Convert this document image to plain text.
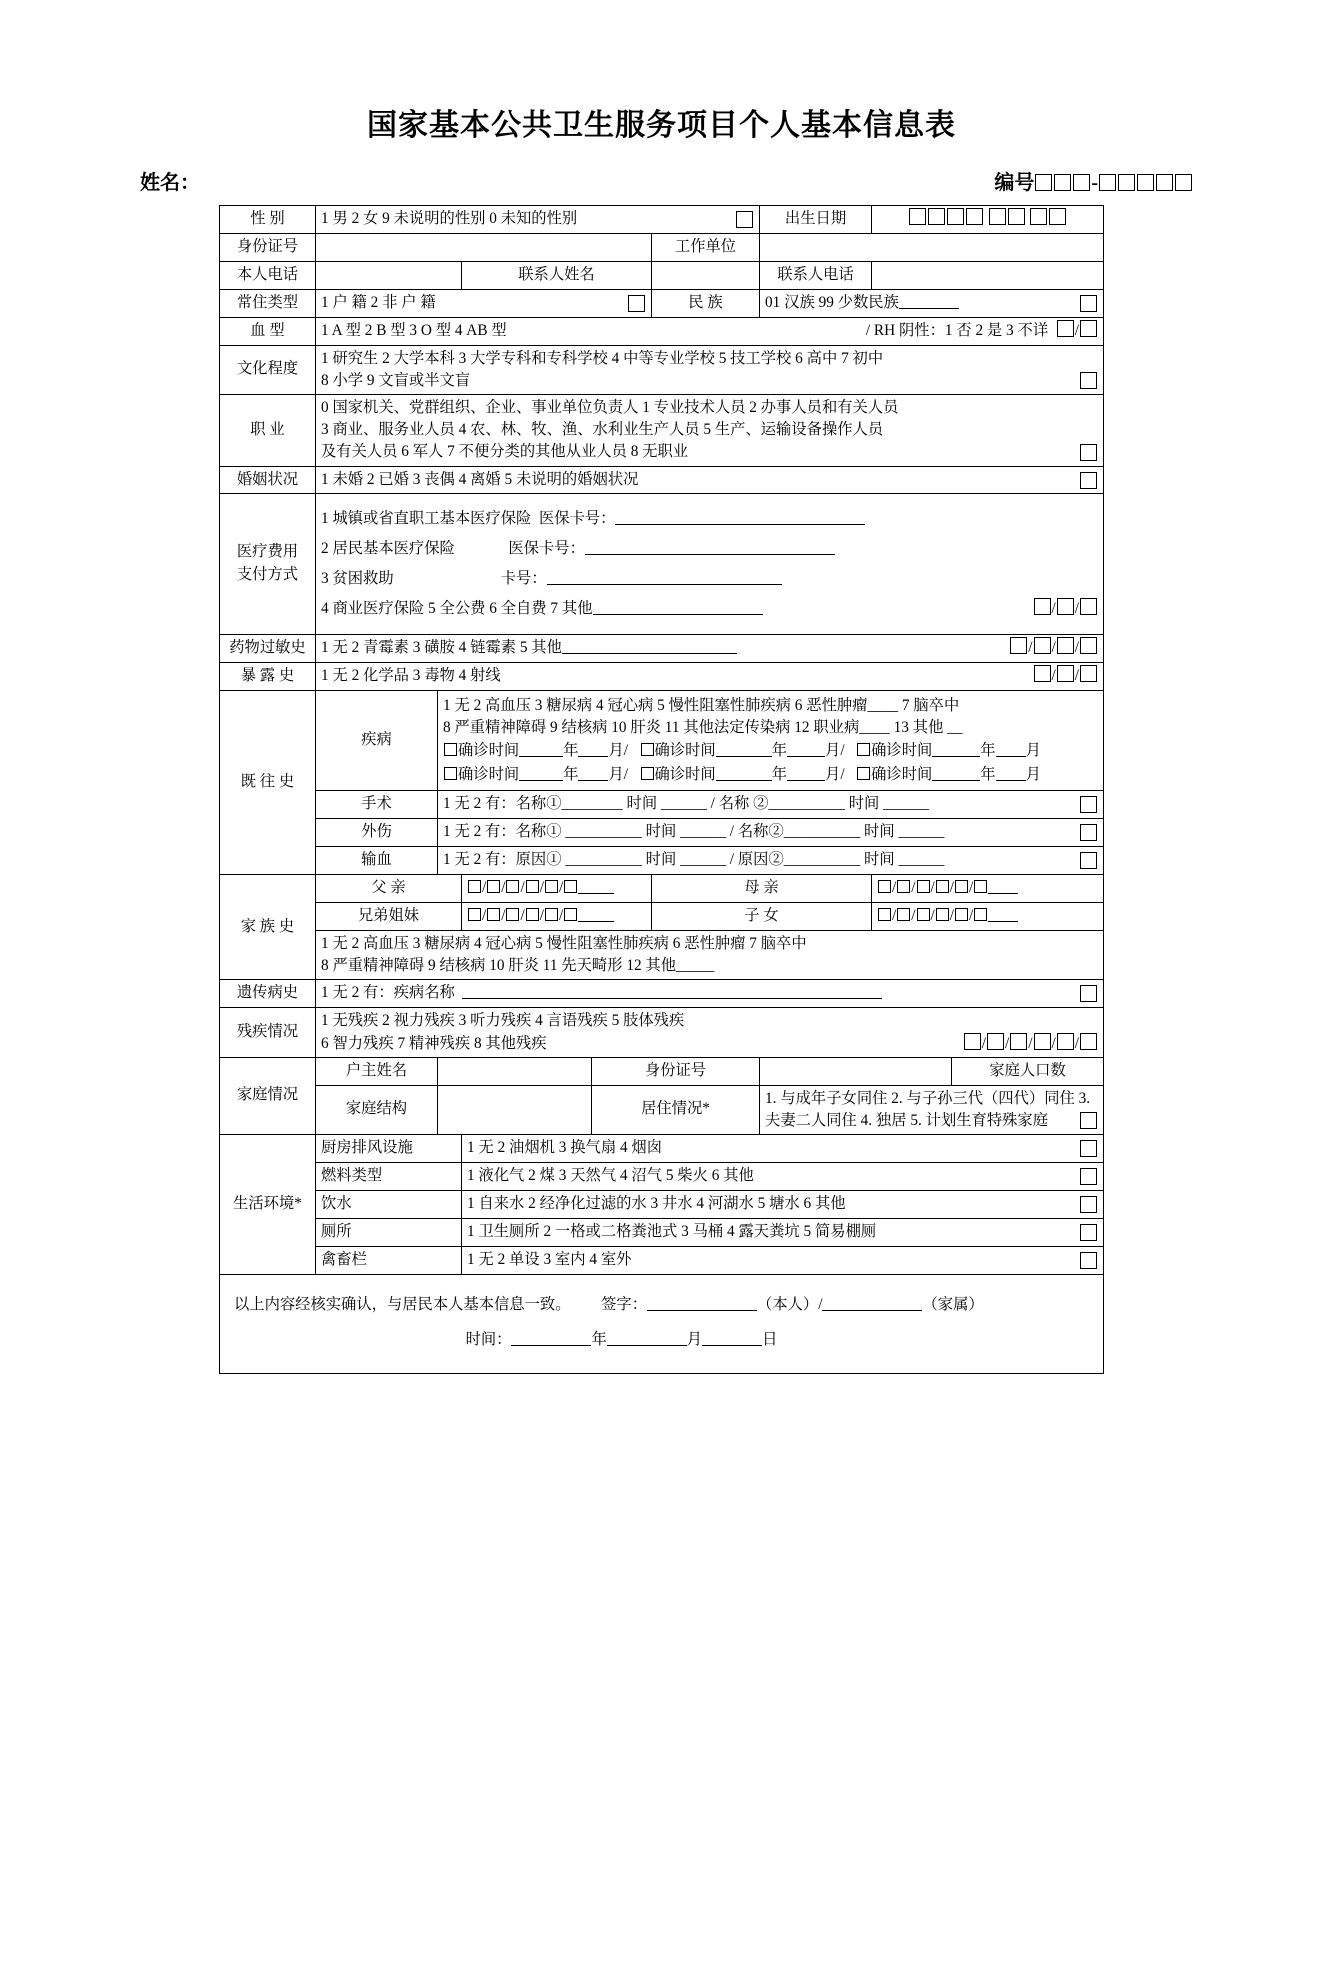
国家基本公共卫生服务项目个人基本信息表
姓名：	编号	-
性 别	1 男 2 女 9 未说明的性别 0 未知的性别					出生日期		
身份证号					工作单位			
本人电话			联系人姓名			联系人电话		
常住类型	1 户 籍 2 非 户 籍				民 族	01 汉族 99 少数民族		

血 型	1 A 型 2 B 型 3 O 型 4 AB 型 / RH 阴性：1 否 2 是 3 不详 /							

文化程度	1 研究生 2 大学本科 3 大学专科和专科学校 4 中等专业学校 5 技工学校 6 高中 7 初中
8 小学 9 文盲或半文盲							

职 业	0 国家机关、党群组织、企业、事业单位负责人 1 专业技术人员 2 办事人员和有关人员
3 商业、服务业人员 4 农、林、牧、渔、水利业生产人员 5 生产、运输设备操作人员
及有关人员 6 军人 7 不便分类的其他从业人员 8 无职业							

婚姻状况	1 未婚 2 已婚 3 丧偶 4 离婚 5 未说明的婚姻状况							

医疗费用
支付方式

1 城镇或省直职工基本医疗保险 医保卡号：
2 居民基本医疗保险	医保卡号：
3 贫困救助	卡号：
4 商业医疗保险 5 全公费 6 全自费 7 其他	/ /

药物过敏史	1 无 2 青霉素 3 磺胺 4 链霉素 5 其他 / / /							

暴 露 史	1 无 2 化学品 3 毒物 4 射线 / /							

既 往 史	疾病	1 无 2 高血压 3 糖尿病 4 冠心病 5 慢性阻塞性肺疾病 6 恶性肿瘤____ 7 脑卒中
8 严重精神障碍 9 结核病 10 肝炎 11 其他法定传染病 12 职业病____ 13 其他 __
确诊时间 年 月/   确诊时间 年 月/   确诊时间 年 月
确诊时间 年 月/   确诊时间 年 月/   确诊时间 年 月						

	手术	1 无 2 有：名称①________ 时间 ______ / 名称 ②__________ 时间 ______						

	外伤	1 无 2 有：名称① __________ 时间 ______ / 名称②__________ 时间 ______						

	输血	1 无 2 有：原因① __________ 时间 ______ / 原因②__________ 时间 ______						

家 族 史	父 亲		/ / / / /		母 亲		/ / / / /	
	兄弟姐妹		/ / / / /		子 女		/ / / / /	

	1 无 2 高血压 3 糖尿病 4 冠心病 5 慢性阻塞性肺疾病 6 恶性肿瘤 7 脑卒中
8 严重精神障碍 9 结核病 10 肝炎 11 先天畸形 12 其他_____							

遗传病史	1 无 2 有：疾病名称							

残疾情况	1 无残疾 2 视力残疾 3 听力残疾 4 言语残疾 5 肢体残疾
6 智力残疾 7 精神残疾 8 其他残疾 / / / / /							

家庭情况	户主姓名			身份证号				家庭人口数
	家庭结构			居住情况*		1. 与成年子女同住 2. 与子孙三代（四代）同住 3.
夫妻二人同住 4. 独居 5. 计划生育特殊家庭		

生活环境*	厨房排风设施		1 无 2 油烟机 3 换气扇 4 烟囱					

	燃料类型		1 液化气 2 煤 3 天然气 4 沼气 5 柴火 6 其他					

	饮水		1 自来水 2 经净化过滤的水 3 井水 4 河湖水 5 塘水 6 其他					

	厕所		1 卫生厕所 2 一格或二格粪池式 3 马桶 4 露天粪坑 5 简易棚厕					

	禽畜栏		1 无 2 单设 3 室内 4 室外					

以上内容经核实确认，与居民本人基本信息一致。 签字： （本人）/ （家属）
时间： 年 月 日								
